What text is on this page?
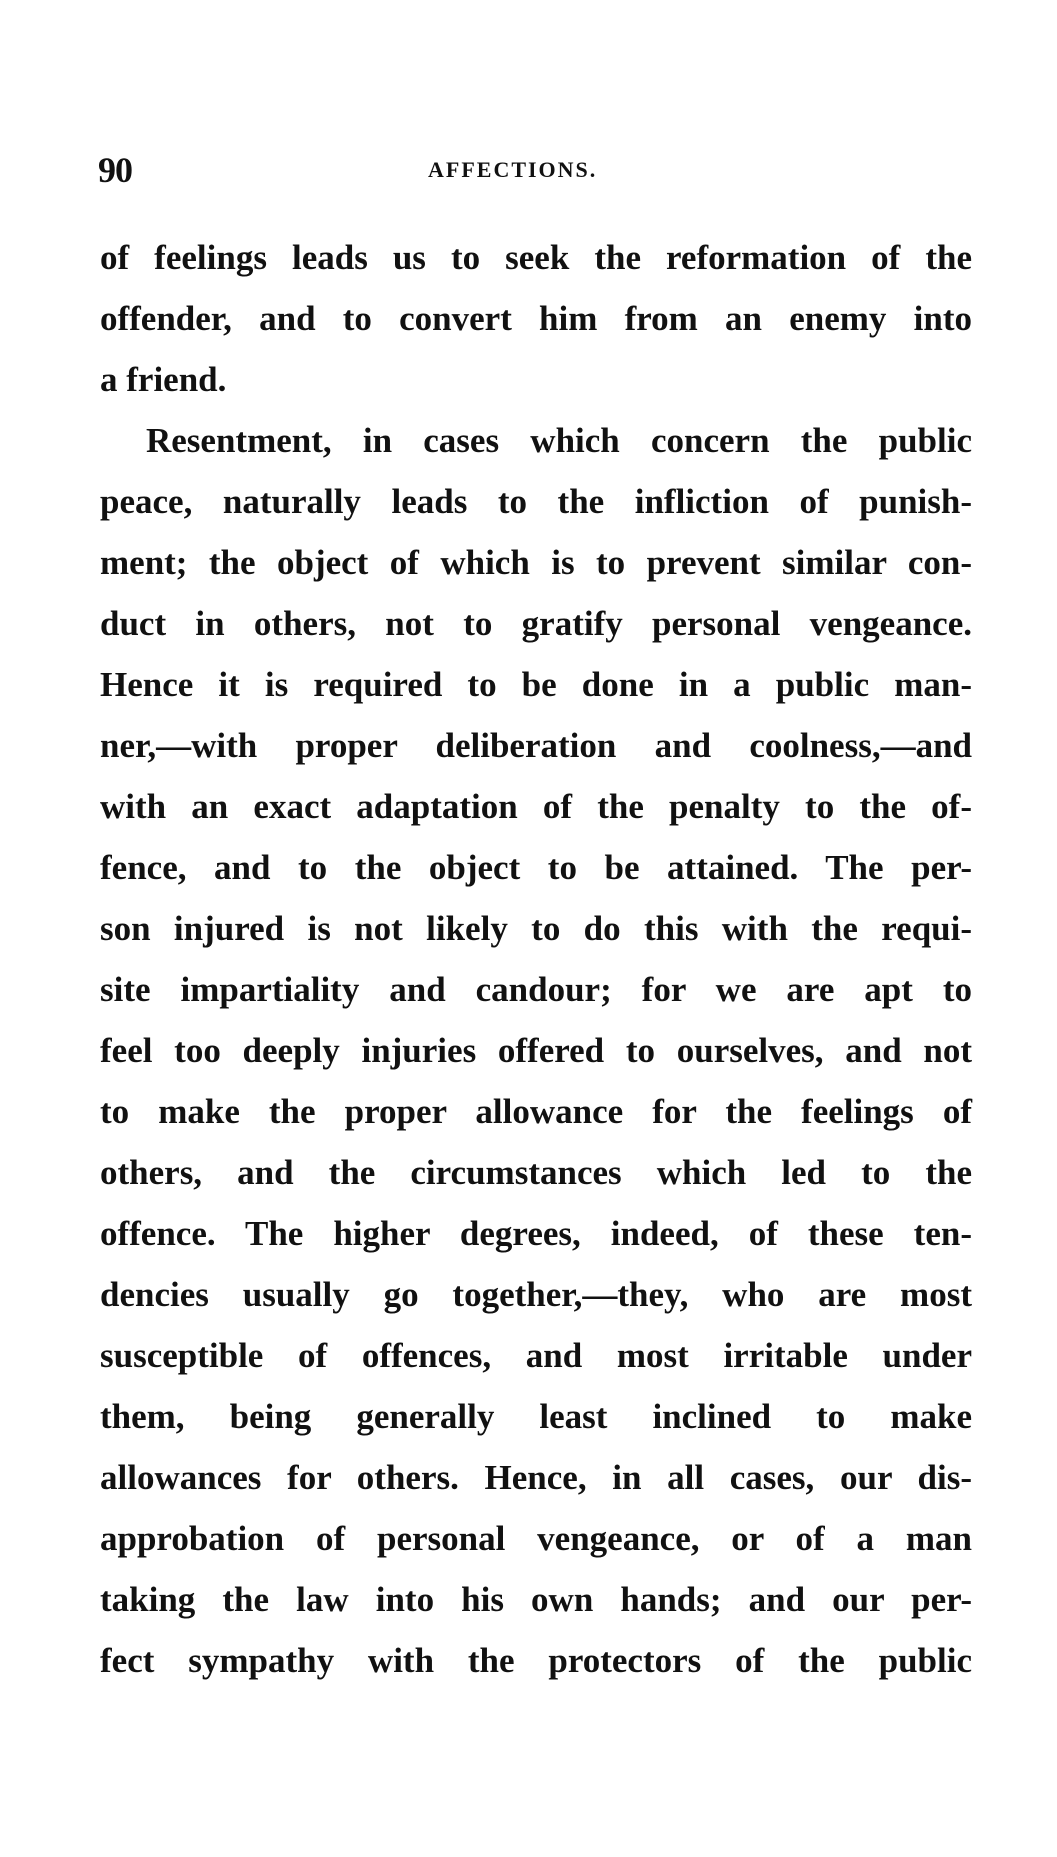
90	AFFECTIONS.
of feelings leads us to seek the reformation of the
offender, and to convert him from an enemy into
a friend.
Resentment, in cases which concern the public
peace, naturally leads to the infliction of punish-
ment; the object of which is to prevent similar con-
duct in others, not to gratify personal vengeance.
Hence it is required to be done in a public man-
ner,—with proper deliberation and coolness,—and
with an exact adaptation of the penalty to the of-
fence, and to the object to be attained. The per-
son injured is not likely to do this with the requi-
site impartiality and candour; for we are apt to
feel too deeply injuries offered to ourselves, and not
to make the proper allowance for the feelings of
others, and the circumstances which led to the
offence. The higher degrees, indeed, of these ten-
dencies usually go together,—they, who are most
susceptible of offences, and most irritable under
them, being generally least inclined to make
allowances for others. Hence, in all cases, our dis-
approbation of personal vengeance, or of a man
taking the law into his own hands; and our per-
fect sympathy with the protectors of the public
